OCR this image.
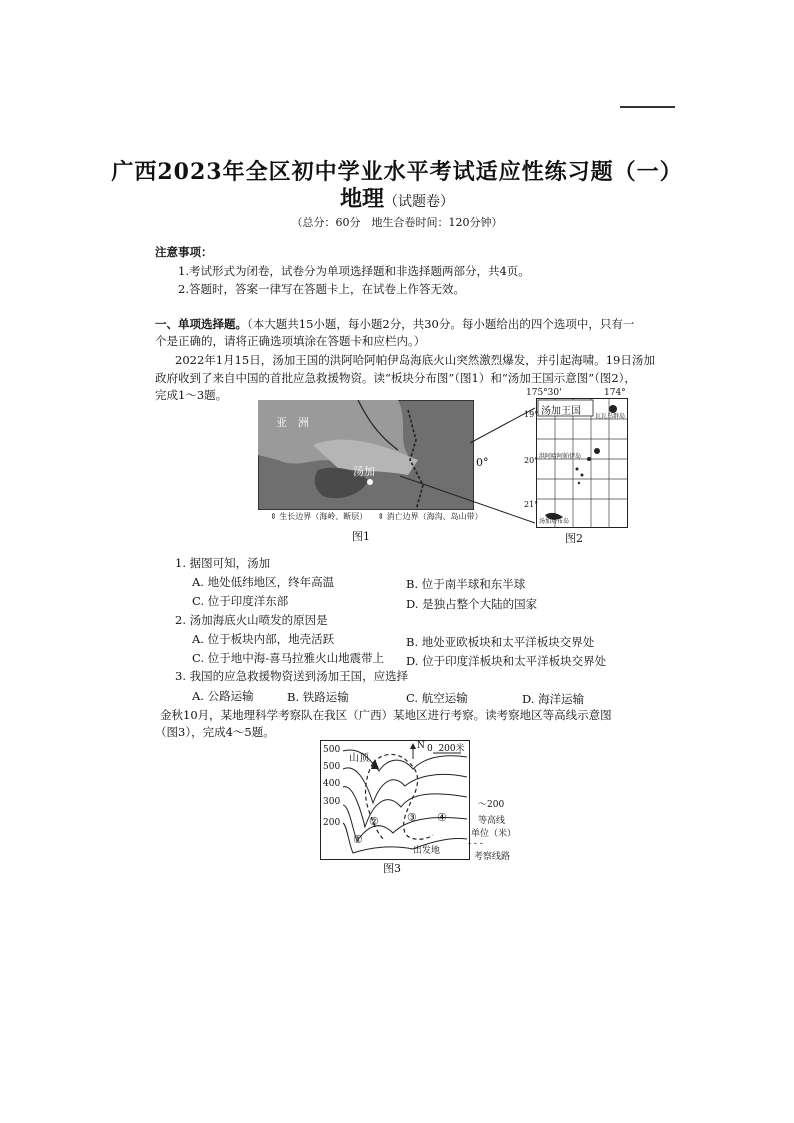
广西2023年全区初中学业水平考试适应性练习题（一）
地理（试题卷）
（总分：60分　地生合卷时间：120分钟）
注意事项：
1.考试形式为闭卷，试卷分为单项选择题和非选择题两部分，共4页。
2.答题时，答案一律写在答题卡上，在试卷上作答无效。
一、单项选择题。（本大题共15小题，每小题2分，共30分。每小题给出的四个选项中，只有一
个是正确的，请将正确选项填涂在答题卡和应栏内。）
2022年1月15日，汤加王国的洪阿哈阿帕伊岛海底火山突然激烈爆发，并引起海啸。19日汤加
政府收到了来自中国的首批应急救援物资。读“板块分布图”（图1）和“汤加王国示意图”（图2），
完成1～3题。
亚　洲
汤加
0°
⇕ 生长边界（海岭、断层） ⇕ 消亡边界（海沟、岛山带）
图1
175°30'	174°
汤加王国 瓦瓦乌群岛
洪阿哈阿帕伊岛
汤加塔布岛
19°
20°
21°
图2
1. 据图可知，汤加
A. 地处低纬地区，终年高温	B. 位于南半球和东半球
C. 位于印度洋东部	D. 是独占整个大陆的国家
2. 汤加海底火山喷发的原因是
A. 位于板块内部，地壳活跃	B. 地处亚欧板块和太平洋板块交界处
C. 位于地中海-喜马拉雅火山地震带上 D. 位于印度洋板块和太平洋板块交界处
3. 我国的应急救援物资送到汤加王国，应选择
A. 公路运输	B. 铁路运输	C. 航空运输	D. 海洋运输
金秋10月，某地理科学考察队在我区（广西）某地区进行考察。读考察地区等高线示意图
（图3），完成4～5题。
山顶
N 0  200米
500
500
400
300
200
①
②	③ ④
出发地
～200
等高线
单位（米）
- - -
考察线路
图3
